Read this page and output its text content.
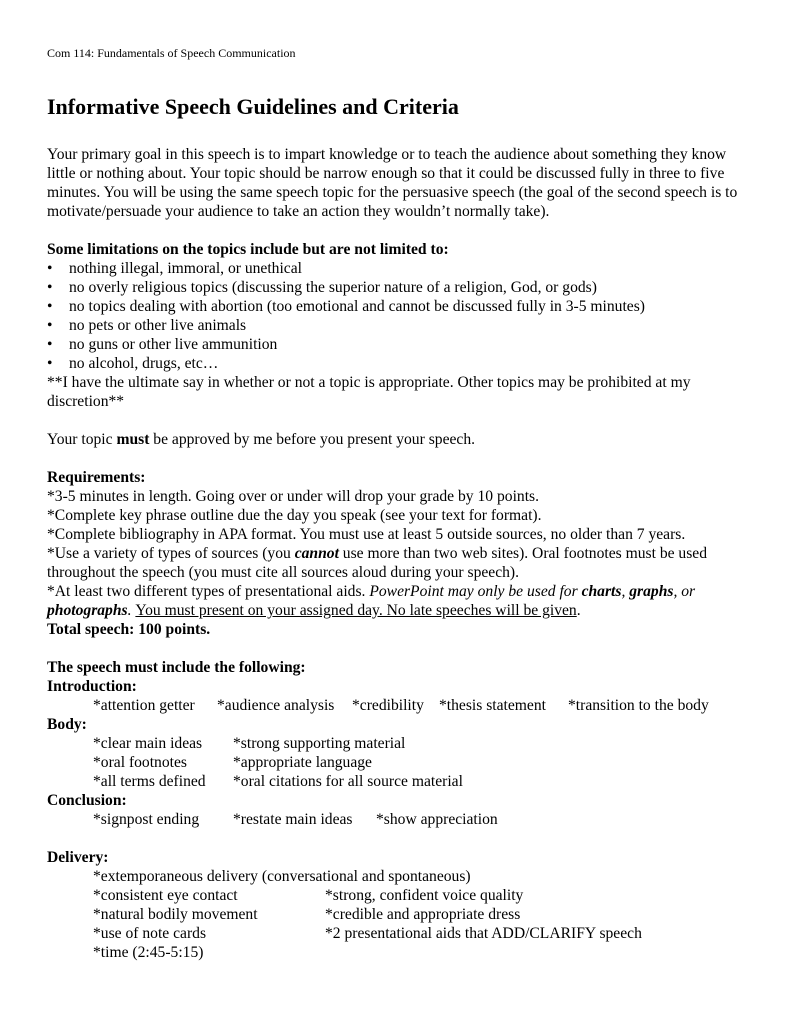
Com 114: Fundamentals of Speech Communication
Informative Speech Guidelines and Criteria

Your primary goal in this speech is to impart knowledge or to teach the audience about something they know little or nothing about. Your topic should be narrow enough so that it could be discussed fully in three to five minutes. You will be using the same speech topic for the persuasive speech (the goal of the second speech is to motivate/persuade your audience to take an action they wouldn’t normally take).

Some limitations on the topics include but are not limited to:

• nothing illegal, immoral, or unethical
• no overly religious topics (discussing the superior nature of a religion, God, or gods)
• no topics dealing with abortion (too emotional and cannot be discussed fully in 3-5 minutes)
• no pets or other live animals
• no guns or other live ammunition
• no alcohol, drugs, etc…

**I have the ultimate say in whether or not a topic is appropriate. Other topics may be prohibited at my discretion**

Your topic must be approved by me before you present your speech.

Requirements:

*3-5 minutes in length. Going over or under will drop your grade by 10 points.

*Complete key phrase outline due the day you speak (see your text for format).

*Complete bibliography in APA format. You must use at least 5 outside sources, no older than 7 years.

*Use a variety of types of sources (you cannot use more than two web sites). Oral footnotes must be used throughout the speech (you must cite all sources aloud during your speech).

*At least two different types of presentational aids. PowerPoint may only be used for charts, graphs, or photographs. You must present on your assigned day. No late speeches will be given.

Total speech: 100 points.

The speech must include the following:

Introduction:

*attention getter	*audience analysis	*credibility *thesis statement	*transition to the body

Body:

*clear main ideas	*strong supporting material
*oral footnotes	*appropriate language
*all terms defined	*oral citations for all source material

Conclusion:

*signpost ending	*restate main ideas	*show appreciation

Delivery:

*extemporaneous delivery (conversational and spontaneous)

*consistent eye contact	*strong, confident voice quality
*natural bodily movement	*credible and appropriate dress
*use of note cards	*2 presentational aids that ADD/CLARIFY speech

*time (2:45-5:15)
